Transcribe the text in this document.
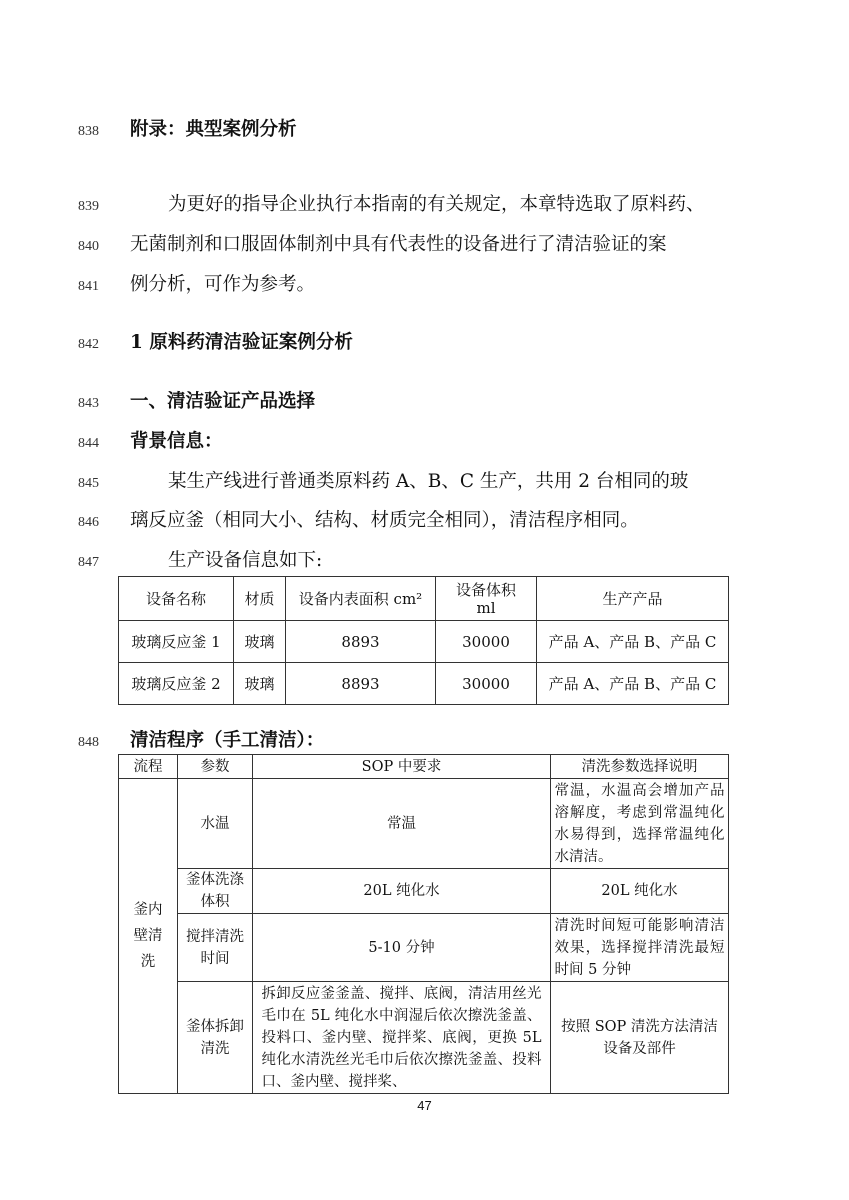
838
839
840
841
842
843
844
845
846
847
848
附录：典型案例分析
为更好的指导企业执行本指南的有关规定，本章特选取了原料药、
无菌制剂和口服固体制剂中具有代表性的设备进行了清洁验证的案
例分析，可作为参考。
1 原料药清洁验证案例分析
一、清洁验证产品选择
背景信息：
某生产线进行普通类原料药 A、B、C 生产，共用 2 台相同的玻
璃反应釜（相同大小、结构、材质完全相同），清洁程序相同。
生产设备信息如下:
设备名称	材质	设备内表面积 cm²	设备体积 ml	生产产品
玻璃反应釜 1	玻璃	8893	30000	产品 A、产品 B、产品 C

玻璃反应釜 2	玻璃	8893	30000	产品 A、产品 B、产品 C
清洁程序（手工清洁）：
流程	参数	SOP 中要求	清洗参数选择说明

釜内壁清洗	水温	常温	常温，水温高会增加产品溶解度，考虑到常温纯化水易得到，选择常温纯化水清洁。

	釜体洗涤体积	20L 纯化水	20L 纯化水

	搅拌清洗时间	5-10 分钟	清洗时间短可能影响清洁效果，选择搅拌清洗最短时间 5 分钟

	釜体拆卸清洗	拆卸反应釜釜盖、搅拌、底阀，清洁用丝光毛巾在 5L 纯化水中润湿后依次擦洗釜盖、投料口、釜内壁、搅拌桨、底阀，更换 5L 纯化水清洗丝光毛巾后依次擦洗釜盖、投料口、釜内壁、搅拌桨、	按照 SOP 清洗方法清洁设备及部件
47
